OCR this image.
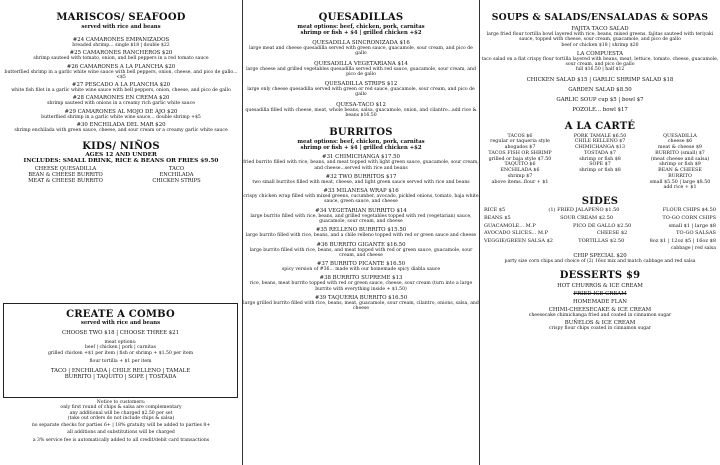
MARISCOS/ SEAFOOD
served with rice and beans
#24 CAMARONES EMPANIZADOS
breaded shrimp... single $18 | double $22
#25 CAMARONES RANCHEROS $20
shrimp sauteed with tomato, onion, and bell peppers in a red tomato sauce
#26 CAMARONES A LA PLANCHA $20
butterflied shrimp in a garlic white wine sauce with bell peppers, onion, cheese, and pico de gallo... <$5
#27 PESCADO A LA PLANCHA $20
white fish filet in a garlic white wine sauce with bell peppers, onion, cheese, and pico de gallo
#28 CAMARONES EN CREMA $20
shrimp sauteed with onions in a creamy rich garlic white sauce
#29 CAMARONES AL MOJO DE AJO $20
butterflied shrimp in a garlic white wine sauce... double shrimp +$5
#30 ENCHILADA DEL MAR $20
shrimp enchilada with green sauce, cheese, and sour cream or a creamy garlic white sauce
KIDS/ NIÑOS
AGES 12 AND UNDER
INCLUDES: SMALL DRINK, RICE & BEANS OR FRIES $9.50
CHEESE QUESADILLA	TACO
BEAN & CHEESE BURRITO	ENCHILADA
MEAT & CHEESE BURRITO	CHICKEN STRIPS
CREATE A COMBO
served with rice and beans
CHOOSE TWO $18 | CHOOSE THREE $21
meat options:
beef | chicken | pork | carnitas
grilled chicken +$1 per item | fish or shrimp + $1.50 per item
flour tortilla + $1 per item
TACO | ENCHILADA | CHILE RELLENO | TAMALE
BURRITO | TAQUITO | SOPE | TOSTADA
Notice to customers:
only first round of chips & salsa are complementary
any additional will be charged $2.50 per set
(take out orders do not include chips & salsa)
no separate checks for parties 6+ | 18% gratuity will be added to parties 8+
all additions and substitutions will be charged
a 3% service fee is automatically added to all credit/debit card transactions
QUESADILLAS
meat options: beef, chicken, pork, carnitas
shrimp or fish + $4 | grilled chicken +$2
QUESADILLA SINCRONIZADA $16
large meat and cheese quesadilla served with green sauce, guacamole, sour cream, and pico de gallo
QUESADILLA VEGETARIANA $14
large cheese and grilled vegetables quesadilla served with red sauce, guacamole, sour cream, and pico de gallo
QUESADILLA STRIPS $12
large only cheese quesadilla served with green or red sauce, guacamole, sour cream, and pico de gallo
QUESA-TACO $12
quesadilla filled with cheese, meat, whole beans, salsa, guacamole, onion, and cilantro...add rice & beans $16.50
BURRITOS
meat options: beef, chicken, pork, carnitas
shrimp or fish + $4 | grilled chicken +$2
#31 CHIMICHANGA $17.50
fried burrito filled with rice, beans, and meat topped with light green sauce, guacamole, sour cream, and cheese...served with rice and beans
#32 TWO BURRITOS $17
two small burritos filled with meat, cheese, and light green sauce served with rice and beans
#33 MILANESA WRAP $16
crispy chicken wrap filled with mixed greens, cucumber, avocado, pickled onions, tomato, baja white sauce, green sauce, and cheese
#34 VEGETARIAN BURRITO $14
large burrito filled with rice, beans, and grilled vegetables topped with red (vegetarian) sauce, guacamole, sour cream, and cheese
#35 RELLENO BURRITO $15.50
large burrito filled with rice, beans, and a chile relleno topped with red or green sauce and cheese
#36 BURRITO GIGANTE $16.50
large burrito filled with rice, beans, and meat topped with red or green sauce, guacamole, sour cream, and cheese
#37 BURRITO PICANTE $16.50
spicy version of #36... made with our homemade spicy diabla sauce
#38 BURRITO SUPREME $13
rice, beans, meat burrito topped with red or green sauce, cheese, sour cream (turn into a large burrito with everything inside + $1.50)
#39 TAQUERIA BURRITO $16.50
large grilled burrito filled with rice, beans, meat, guacamole, sour cream, cilantro, onions, salsa, and cheese
SOUPS & SALADS/ENSALADAS & SOPAS
FAJITA TACO SALAD
large fried flour tortilla bowl layered with rice, beans, mixed greens, fajitas sauteed with teriyaki sauce, topped with cheese, sour cream, guacamole, and pico de gallo
beef or chicken $18 | shrimp $20
LA COMPUESTA
taco salad on a flat crispy flour tortilla layered with beans, meat, lettuce, tomato, cheese, guacamole, sour cream, and pico de gallo
full $16.50 | half $12
CHICKEN SALAD $15 | GARLIC SHRIMP SALAD $18
GARDEN SALAD $8.50
GARLIC SOUP cup $5 | bowl $7
POZOLE... bowl $17
A LA CARTÉ
TACOS $6
regular or taqueria style
ahogados $7
TACOS FISH OR SHRIMP
grilled or baja style $7.50
TAQUITO $6
ENCHILADA $6
shrimp $7
above items..flour + $1
PORK TAMALE $6.50
CHILE RELLENO $7
CHIMICHANGA $13
TOSTADA $7
shrimp or fish $8
SOPE $7
shrimp or fish $8
QUESADILLA
cheese $6
meat & cheese $9
BURRITO (small) $7
(meat cheese and salsa)
shrimp or fish $9
BEAN & CHEESE
BURRITO
small $5.50 | large $8.50
add rice + $1
SIDES
RICE $5	(1) FRIED JALAPEÑO $1.50	FLOUR CHIPS $4.50
BEANS $5	SOUR CREAM $2.50	TO-GO CORN CHIPS
GUACAMOLE... M.P	PICO DE GALLO $2.50	small $1 | large $8
AVOCADO SLICES... M.P	CHEESE $2	TO-GO SALSAS
VEGGIE/GREEN SALSA $2	TORTILLAS $2.50	8oz $1 | 12oz $5 | 16oz $8
cabbage | red salsa
CHIP SPECIAL $20
party size corn chips and choice of (2) 16oz mix and match cabbage and red salsa
DESSERTS $9
HOT CHURROS & ICE CREAM
FRIED ICE CREAM
HOMEMADE FLAN
CHIMI-CHEESECAKE & ICE CREAM
cheesecake chimichanga fried and coated in cinnamon sugar
BUÑELOS & ICE CREAM
crispy flour chips coated in cinnamon sugar
